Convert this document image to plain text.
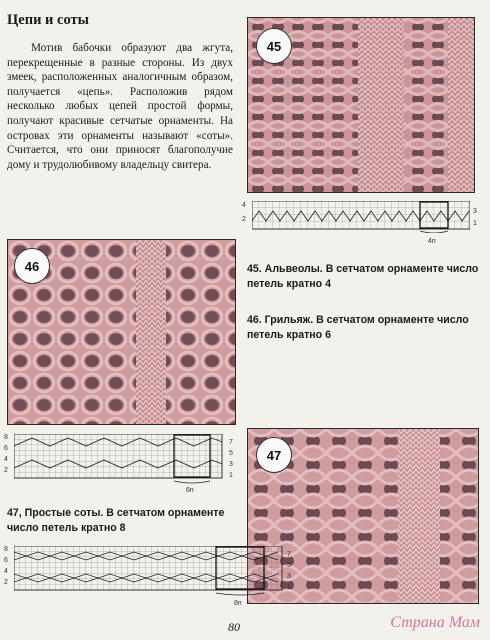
Цепи и соты
Мотив бабочки образуют два жгута, перекрещенные в разные стороны. Из двух змеек, расположенных аналогичным образом, получается «цепь». Расположив рядом несколько любых цепей простой формы, получают красивые сетчатые орнаменты. На островах эти орнаменты называют «соты». Считается, что они приносят благополучие дому и трудолюбивому владельцу свитера.
45
4
2
3
1
4п
46	45. Альвеолы. В сетчатом орнаменте число петель кратно 4
46. Грильяж. В сетчатом орнаменте число петель кратно 6
8
6
4
2
7
5
3
1
6п
47, Простые соты. В сетчатом орнаменте число петель кратно 8
47
8
6
4
2
7
5
3
1
8п
80	Страна Мам
